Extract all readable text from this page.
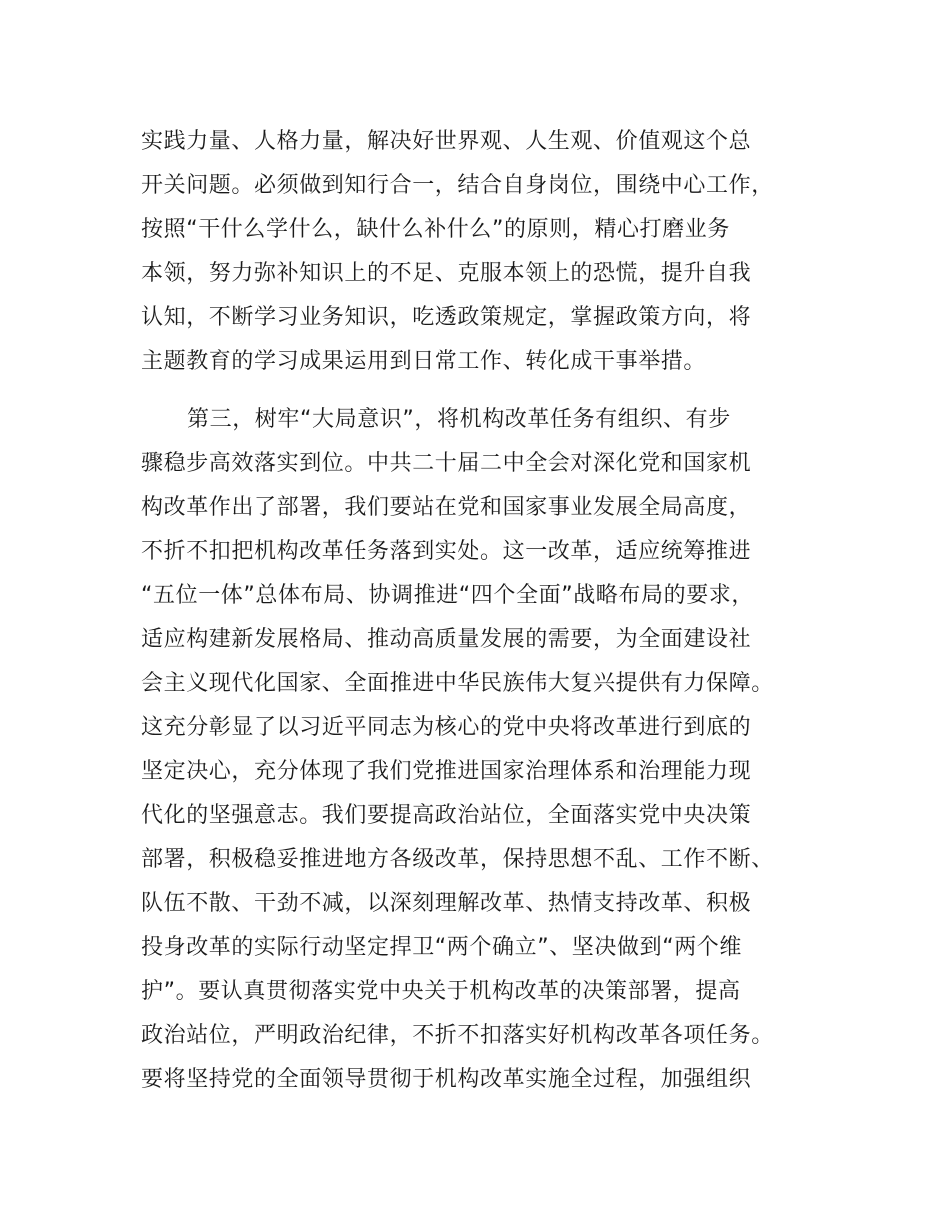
实践力量、人格力量，解决好世界观、人生观、价值观这个总
开关问题。必须做到知行合一，结合自身岗位，围绕中心工作，
按照“干什么学什么，缺什么补什么”的原则，精心打磨业务
本领，努力弥补知识上的不足、克服本领上的恐慌，提升自我
认知，不断学习业务知识，吃透政策规定，掌握政策方向，将
主题教育的学习成果运用到日常工作、转化成干事举措。
第三，树牢“大局意识”，将机构改革任务有组织、有步
骤稳步高效落实到位。中共二十届二中全会对深化党和国家机
构改革作出了部署，我们要站在党和国家事业发展全局高度，
不折不扣把机构改革任务落到实处。这一改革，适应统筹推进
“五位一体”总体布局、协调推进“四个全面”战略布局的要求，
适应构建新发展格局、推动高质量发展的需要，为全面建设社
会主义现代化国家、全面推进中华民族伟大复兴提供有力保障。
这充分彰显了以习近平同志为核心的党中央将改革进行到底的
坚定决心，充分体现了我们党推进国家治理体系和治理能力现
代化的坚强意志。我们要提高政治站位，全面落实党中央决策
部署，积极稳妥推进地方各级改革，保持思想不乱、工作不断、
队伍不散、干劲不减，以深刻理解改革、热情支持改革、积极
投身改革的实际行动坚定捍卫“两个确立”、坚决做到“两个维
护”。要认真贯彻落实党中央关于机构改革的决策部署，提高
政治站位，严明政治纪律，不折不扣落实好机构改革各项任务。
要将坚持党的全面领导贯彻于机构改革实施全过程，加强组织
